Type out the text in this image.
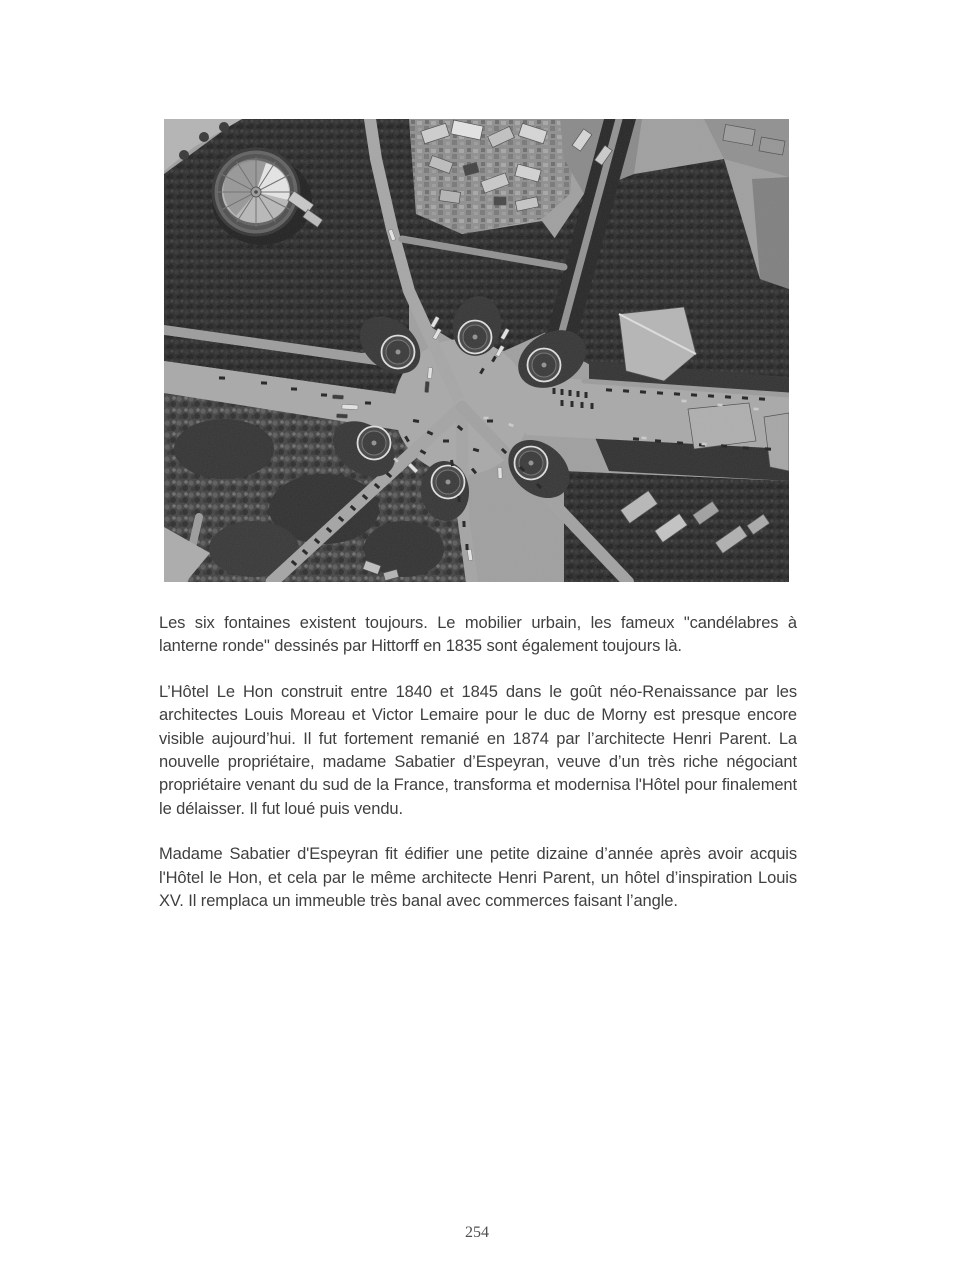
Les six fontaines existent toujours. Le mobilier urbain, les fameux "candélabres à lanterne ronde" dessinés par Hittorff en 1835 sont également toujours là.

L’Hôtel Le Hon construit entre 1840 et 1845 dans le goût néo-Renaissance par les architectes Louis Moreau et Victor Lemaire pour le duc de Morny est presque encore visible aujourd’hui. Il fut fortement remanié en 1874 par l’architecte Henri Parent. La nouvelle propriétaire, madame Sabatier d’Espeyran, veuve d’un très riche négociant propriétaire venant du sud de la France, transforma et modernisa l'Hôtel pour finalement le délaisser. Il fut loué puis vendu.

Madame Sabatier d'Espeyran fit édifier une petite dizaine d’année après avoir acquis l'Hôtel le Hon, et cela par le même architecte Henri Parent, un hôtel d’inspiration Louis XV. Il remplaca un immeuble très banal avec commerces faisant l’angle.

254
